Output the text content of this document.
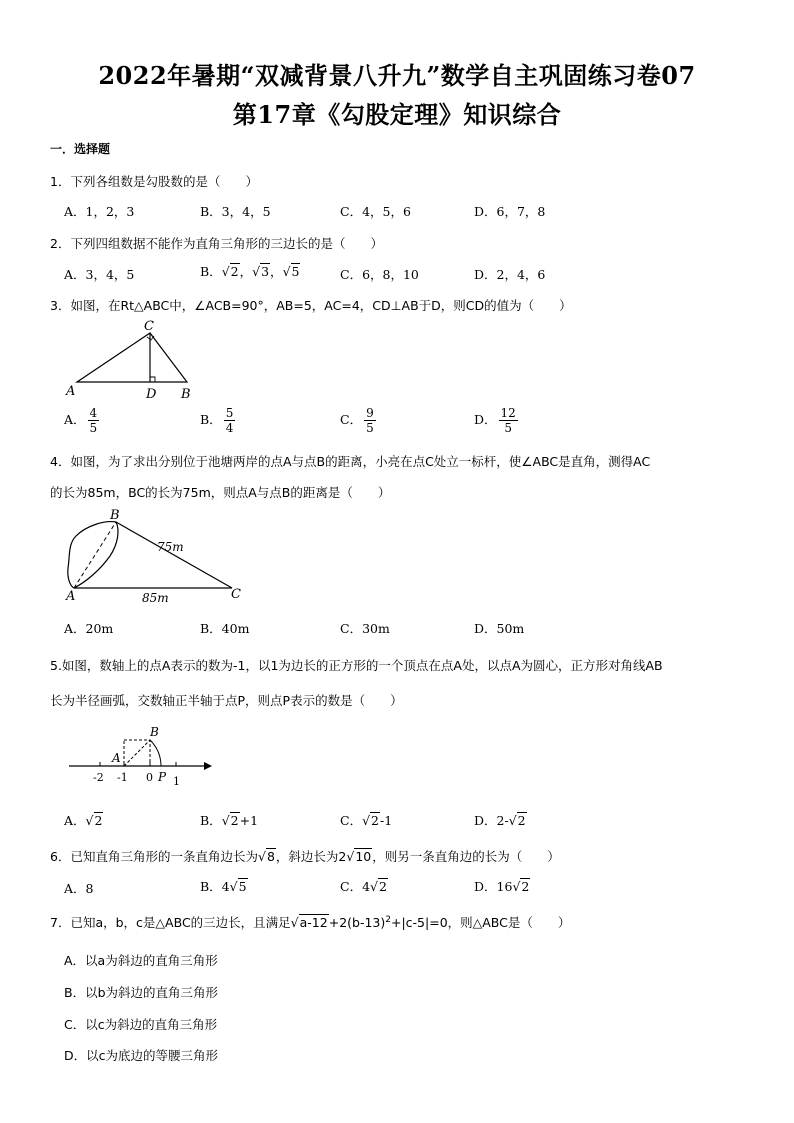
2022年暑期“双减背景八升九”数学自主巩固练习卷07
第17章《勾股定理》知识综合
一．选择题
1．下列各组数是勾股数的是（　　）
A．1，2，3	B．3，4，5	C．4，5，6	D．6，7，8
2．下列四组数据不能作为直角三角形的三边长的是（　　）
A．3，4，5	B．√2，√3，√5	C．6，8，10	D．2，4，6
3．如图，在Rt△ABC中，∠ACB=90°，AB=5，AC=4，CD⊥AB于D，则CD的值为（　　）
C
A	D B
A． $\frac{4}{5}$	B． $\frac{5}{4}$	C． $\frac{9}{5}$	D． $\frac{12}{5}$
4．如图，为了求出分别位于池塘两岸的点A与点B的距离，小亮在点C处立一标杆，使∠ABC是直角，测得AC
的长为85m，BC的长为75m，则点A与点B的距离是（　　）
B
A	C
75m
85m
A．20m	B．40m	C．30m	D．50m
5.如图，数轴上的点A表示的数为-1，以1为边长的正方形的一个顶点在点A处，以点A为圆心，正方形对角线AB
长为半径画弧，交数轴正半轴于点P，则点P表示的数是（　　）
B
A
-2 -1 0 P 1
A．√2	B．√2+1	C．√2-1	D．2-√2
6．已知直角三角形的一条直角边长为√8，斜边长为2√10，则另一条直角边的长为（　　）
A．8	B．4√5	C．4√2	D．16√2
7．已知a，b，c是△ABC的三边长，且满足$√a-12+2(b-13)^2+|c-5|=0$，则△ABC是（　　）
A．以a为斜边的直角三角形
B．以b为斜边的直角三角形
C．以c为斜边的直角三角形
D．以c为底边的等腰三角形
